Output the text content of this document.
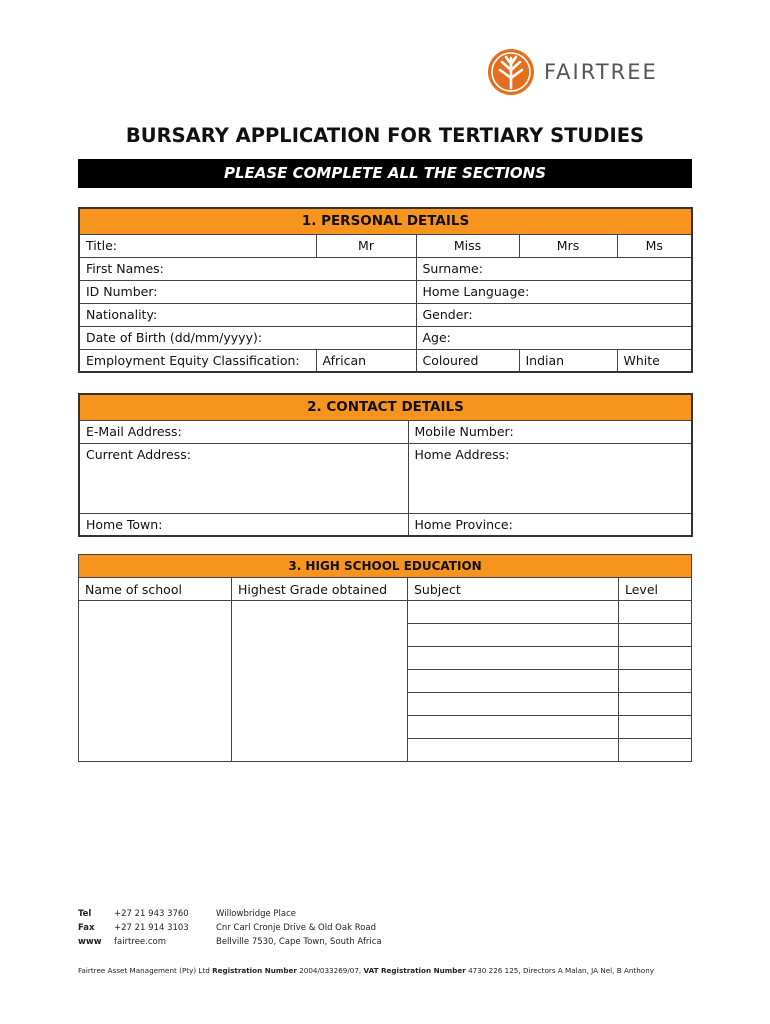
FAIRTREE
BURSARY APPLICATION FOR TERTIARY STUDIES
PLEASE COMPLETE ALL THE SECTIONS
1. PERSONAL DETAILS				
Title:	Mr	Miss	Mrs	Ms
First Names:		Surname:		
ID Number:		Home Language:		
Nationality:		Gender:		
Date of Birth (dd/mm/yyyy):		Age:		
Employment Equity Classification:	African	Coloured	Indian	White
2. CONTACT DETAILS	
E-Mail Address:	Mobile Number:
Current Address:	Home Address:
Home Town:	Home Province:
3. HIGH SCHOOL EDUCATION			
Name of school	Highest Grade obtained	Subject	Level

Tel	+27 21 943 3760	Willowbridge Place
Fax	+27 21 914 3103	Cnr Carl Cronje Drive & Old Oak Road
www	fairtree.com	Bellville 7530, Cape Town, South Africa
Fairtree Asset Management (Pty) Ltd Registration Number 2004/033269/07, VAT Registration Number 4730 226 125, Directors A Malan, JA Nel, B Anthony
